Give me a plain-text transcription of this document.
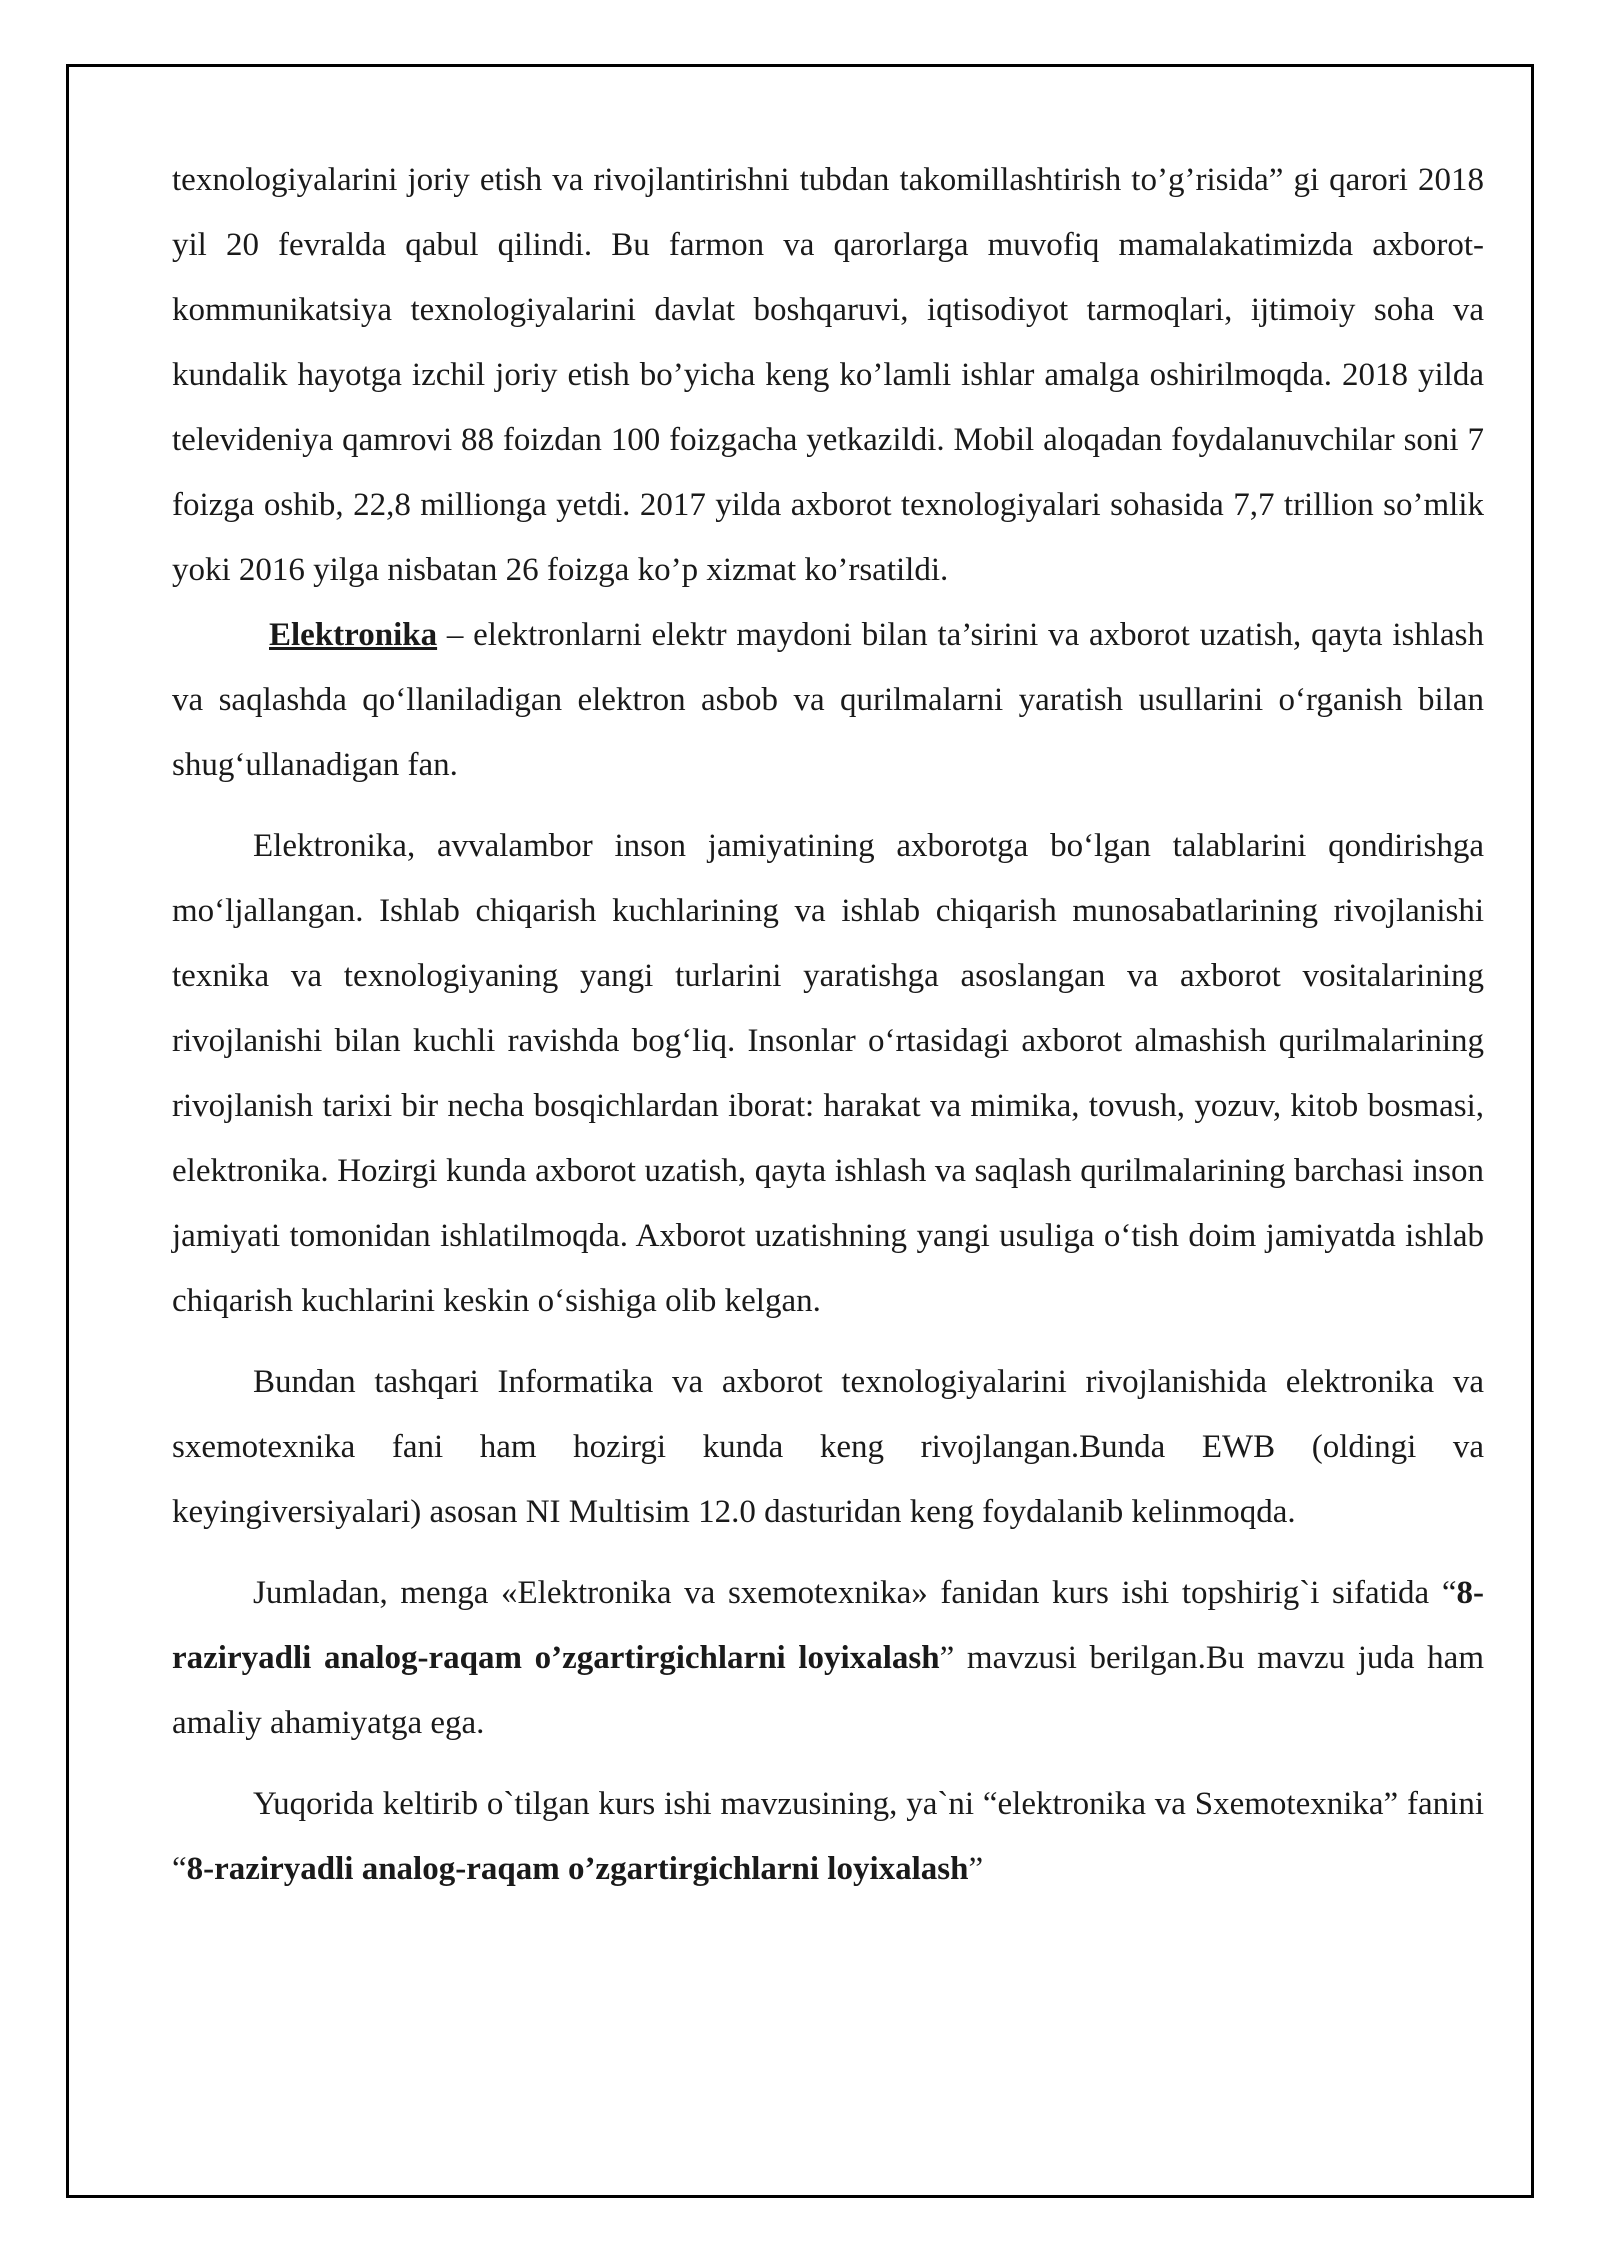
texnologiyalarini joriy etish va rivojlantirishni tubdan takomillashtirish to’g’risida” gi qarori 2018 yil 20 fevralda qabul qilindi. Bu farmon va qarorlarga muvofiq mamalakatimizda axborot-kommunikatsiya texnologiyalarini davlat boshqaruvi, iqtisodiyot tarmoqlari, ijtimoiy soha va kundalik hayotga izchil joriy etish bo’yicha keng ko’lamli ishlar amalga oshirilmoqda. 2018 yilda televideniya qamrovi 88 foizdan 100 foizgacha yetkazildi. Mobil aloqadan foydalanuvchilar soni 7 foizga oshib, 22,8 millionga yetdi. 2017 yilda axborot texnologiyalari sohasida 7,7 trillion so’mlik yoki 2016 yilga nisbatan 26 foizga ko’p xizmat ko’rsatildi.

Elektronika – elektronlarni elektr maydoni bilan ta’sirini va axborot uzatish, qayta ishlash va saqlashda qo‘llaniladigan elektron asbob va qurilmalarni yaratish usullarini o‘rganish bilan shug‘ullanadigan fan.

Elektronika, avvalambor inson jamiyatining axborotga bo‘lgan talablarini qondirishga mo‘ljallangan. Ishlab chiqarish kuchlarining va ishlab chiqarish munosabatlarining rivojlanishi texnika va texnologiyaning yangi turlarini yaratishga asoslangan va axborot vositalarining rivojlanishi bilan kuchli ravishda bog‘liq. Insonlar o‘rtasidagi axborot almashish qurilmalarining rivojlanish tarixi bir necha bosqichlardan iborat: harakat va mimika, tovush, yozuv, kitob bosmasi, elektronika. Hozirgi kunda axborot uzatish, qayta ishlash va saqlash qurilmalarining barchasi inson jamiyati tomonidan ishlatilmoqda. Axborot uzatishning yangi usuliga o‘tish doim jamiyatda ishlab chiqarish kuchlarini keskin o‘sishiga olib kelgan.

Bundan tashqari Informatika va axborot texnologiyalarini rivojlanishida elektronika va sxemotexnika fani ham hozirgi kunda keng rivojlangan.Bunda EWB (oldingi va keyingiversiyalari) asosan NI Multisim 12.0 dasturidan keng foydalanib kelinmoqda.

Jumladan, menga «Elektronika va sxemotexnika» fanidan kurs ishi topshirig`i sifatida “8-raziryadli analog-raqam o’zgartirgichlarni loyixalash” mavzusi berilgan.Bu mavzu juda ham amaliy ahamiyatga ega.

Yuqorida keltirib o`tilgan kurs ishi mavzusining, ya`ni “elektronika va Sxemotexnika” fanini “8-raziryadli analog-raqam o’zgartirgichlarni loyixalash”
